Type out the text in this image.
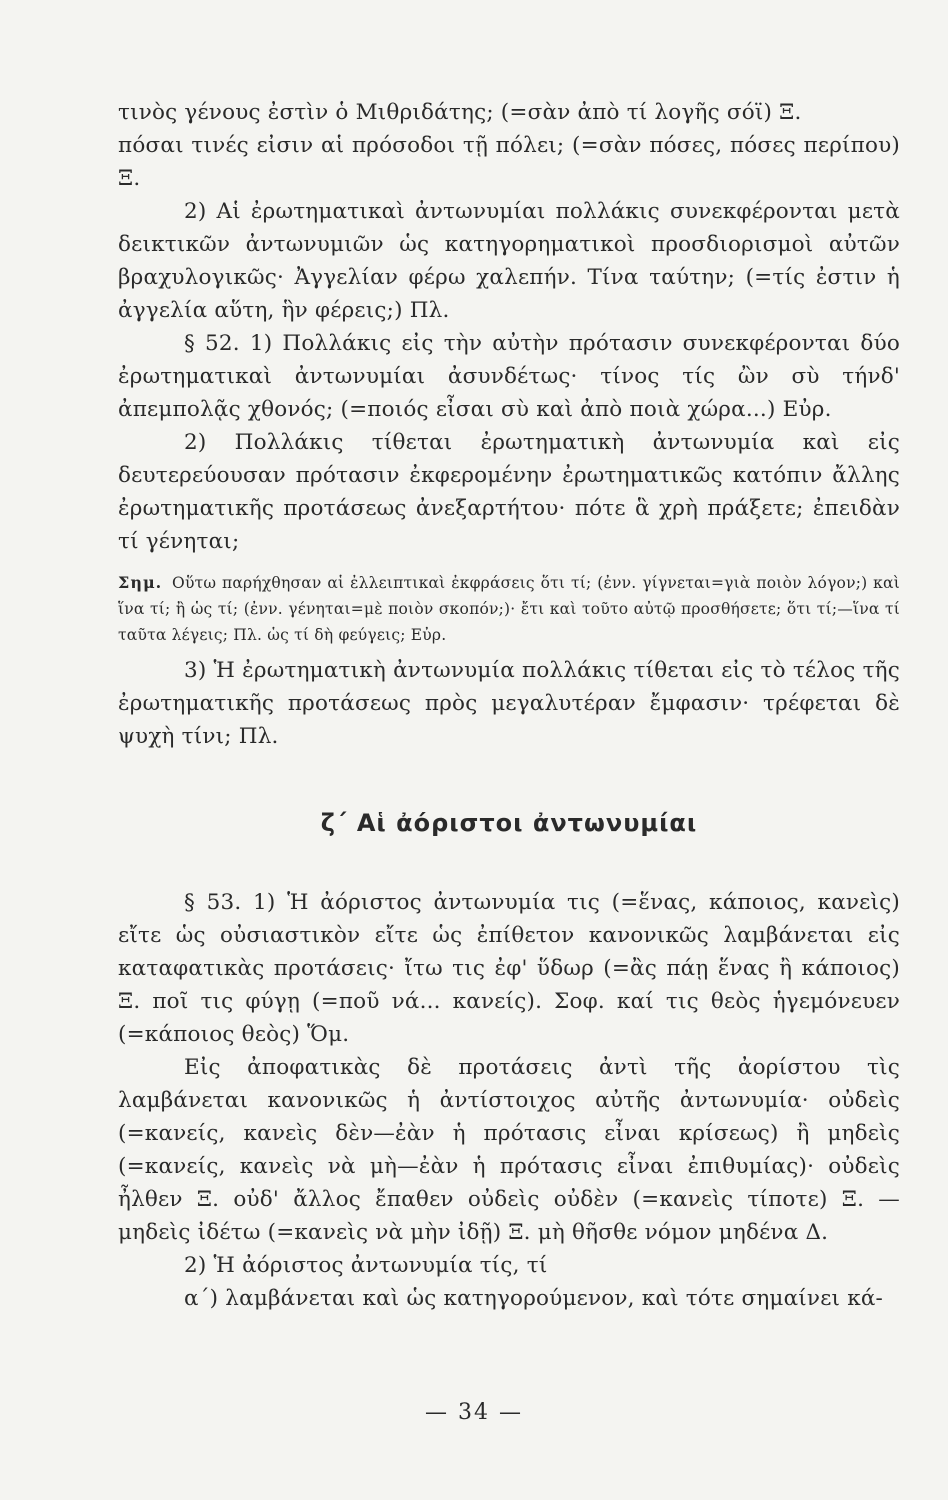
τινὸς γένους ἐστὶν ὁ Μιθριδάτης; (=σὰν ἀπὸ τί λογῆς σόϊ) Ξ.

πόσαι τινές εἰσιν αἱ πρόσοδοι τῇ πόλει; (=σὰν πόσες, πόσες περίπου) Ξ.

2) Αἱ ἐρωτηματικαὶ ἀντωνυμίαι πολλάκις συνεκφέρονται μετὰ δεικτικῶν ἀντωνυμιῶν ὡς κατηγορηματικοὶ προσδιορισμοὶ αὐτῶν βραχυλογικῶς· Ἀγγελίαν φέρω χαλεπήν. Τίνα ταύτην; (=τίς ἐστιν ἡ ἀγγελία αὕτη, ἣν φέρεις;) Πλ.

§ 52. 1) Πολλάκις εἰς τὴν αὐτὴν πρότασιν συνεκφέρονται δύο ἐρωτηματικαὶ ἀντωνυμίαι ἀσυνδέτως· τίνος τίς ὢν σὺ τήνδ' ἀπεμπολᾷς χθονός; (=ποιός εἶσαι σὺ καὶ ἀπὸ ποιὰ χώρα...) Εὐρ.

2) Πολλάκις τίθεται ἐρωτηματικὴ ἀντωνυμία καὶ εἰς δευτερεύουσαν πρότασιν ἐκφερομένην ἐρωτηματικῶς κατόπιν ἄλλης ἐρωτηματικῆς προτάσεως ἀνεξαρτήτου· πότε ἃ χρὴ πράξετε; ἐπειδὰν τί γένηται;

Σημ. Οὕτω παρήχθησαν αἱ ἐλλειπτικαὶ ἐκφράσεις ὅτι τί; (ἐνν. γίγνεται=γιὰ ποιὸν λόγον;) καὶ ἵνα τί; ἢ ὡς τί; (ἐνν. γένηται=μὲ ποιὸν σκοπόν;)· ἔτι καὶ τοῦτο αὐτῷ προσθήσετε; ὅτι τί;—ἵνα τί ταῦτα λέγεις; Πλ. ὡς τί δὴ φεύγεις; Εὐρ.

3) Ἡ ἐρωτηματικὴ ἀντωνυμία πολλάκις τίθεται εἰς τὸ τέλος τῆς ἐρωτηματικῆς προτάσεως πρὸς μεγαλυτέραν ἔμφασιν· τρέφεται δὲ ψυχὴ τίνι; Πλ.

ζ΄ Αἱ ἀόριστοι ἀντωνυμίαι

§ 53. 1) Ἡ ἀόριστος ἀντωνυμία τις (=ἕνας, κάποιος, κανεὶς) εἴτε ὡς οὐσιαστικὸν εἴτε ὡς ἐπίθετον κανονικῶς λαμβάνεται εἰς καταφατικὰς προτάσεις· ἴτω τις ἐφ' ὕδωρ (=ἂς πάῃ ἕνας ἢ κάποιος) Ξ. ποῖ τις φύγῃ (=ποῦ νά... κανείς). Σοφ. καί τις θεὸς ἡγεμόνευεν (=κάποιος θεὸς) Ὅμ.

Εἰς ἀποφατικὰς δὲ προτάσεις ἀντὶ τῆς ἀορίστου τὶς λαμβάνεται κανονικῶς ἡ ἀντίστοιχος αὐτῆς ἀντωνυμία· οὐδεὶς (=κανείς, κανεὶς δὲν—ἐὰν ἡ πρότασις εἶναι κρίσεως) ἢ μηδεὶς (=κανείς, κανεὶς νὰ μὴ—ἐὰν ἡ πρότασις εἶναι ἐπιθυμίας)· οὐδεὶς ἦλθεν Ξ. οὐδ' ἄλλος ἔπαθεν οὐδεὶς οὐδὲν (=κανεὶς τίποτε) Ξ. — μηδεὶς ἰδέτω (=κανεὶς νὰ μὴν ἰδῇ) Ξ. μὴ θῆσθε νόμον μηδένα Δ.

2) Ἡ ἀόριστος ἀντωνυμία τίς, τί

α΄) λαμβάνεται καὶ ὡς κατηγορούμενον, καὶ τότε σημαίνει κά-

— 34 —
